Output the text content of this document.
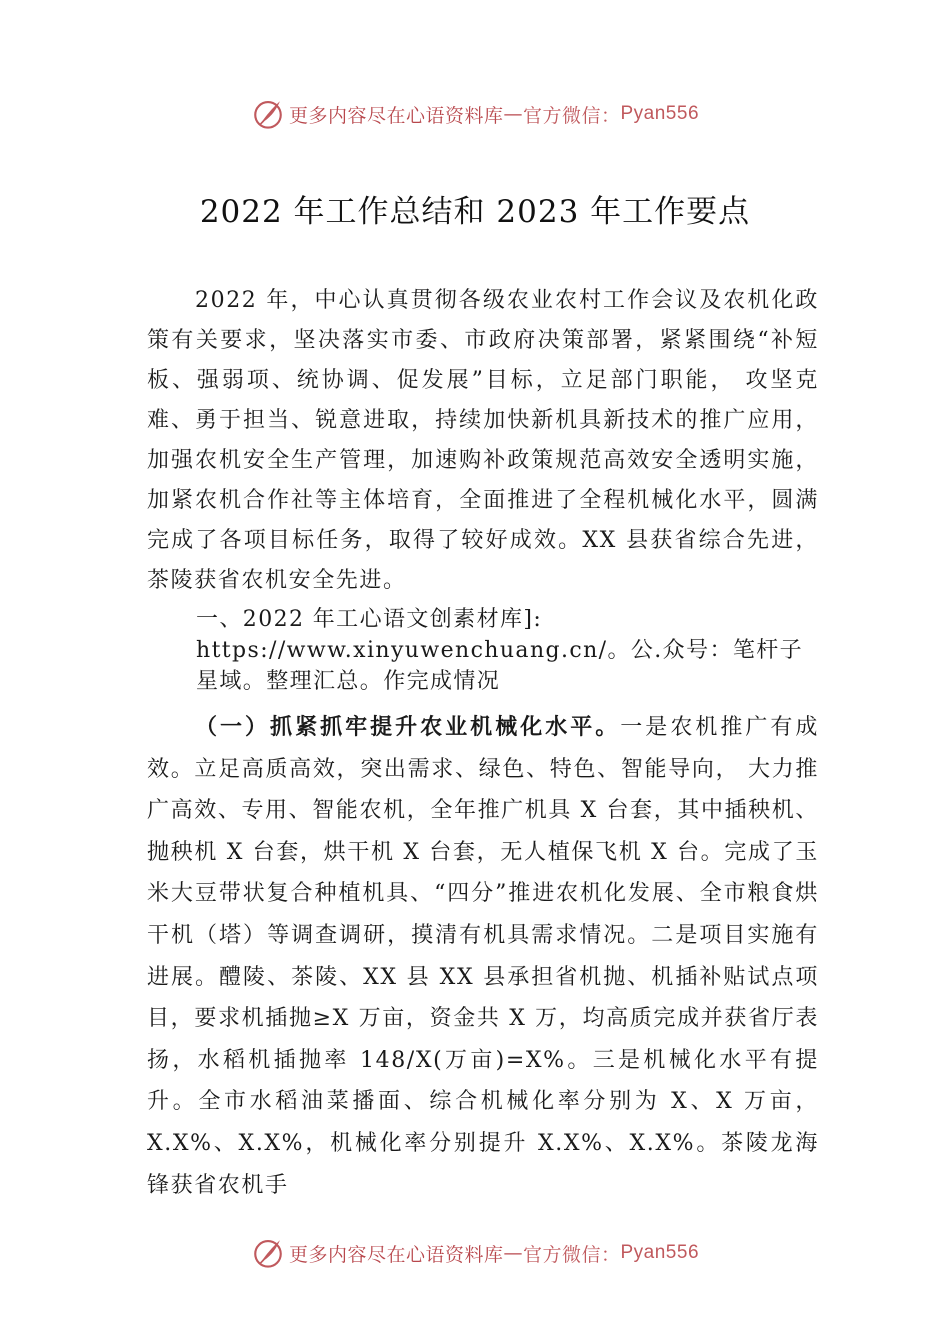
更多内容尽在心语资料库 — 官方微信： Pyan556
2022 年工作总结和 2023 年工作要点
2022 年，中心认真贯彻各级农业农村工作会议及农机化政策有关要求，坚决落实市委、市政府决策部署，紧紧围绕“补短板、强弱项、统协调、促发展”目标，立足部门职能， 攻坚克难、勇于担当、锐意进取，持续加快新机具新技术的推广应用，加强农机安全生产管理，加速购补政策规范高效安全透明实施，加紧农机合作社等主体培育，全面推进了全程机械化水平，圆满完成了各项目标任务，取得了较好成效。XX 县获省综合先进，茶陵获省农机安全先进。
一、2022 年工心语文创素材库]:
https://www.xinyuwenchuang.cn/。公.众号：笔杆子星域。整理汇总。作完成情况
（一）抓紧抓牢提升农业机械化水平。一是农机推广有成效。立足高质高效，突出需求、绿色、特色、智能导向， 大力推广高效、专用、智能农机，全年推广机具 X 台套，其中插秧机、抛秧机 X 台套，烘干机 X 台套，无人植保飞机 X 台。完成了玉米大豆带状复合种植机具、“四分”推进农机化发展、全市粮食烘干机（塔）等调查调研，摸清有机具需求情况。二是项目实施有进展。醴陵、茶陵、XX 县 XX 县承担省机抛、机插补贴试点项目，要求机插抛≥X 万亩，资金共 X 万，均高质完成并获省厅表扬，水稻机插抛率 148/X(万亩)=X%。三是机械化水平有提升。全市水稻油菜播面、综合机械化率分别为 X、X 万亩，X.X%、X.X%，机械化率分别提升 X.X%、X.X%。茶陵龙海锋获省农机手
更多内容尽在心语资料库 — 官方微信： Pyan556
